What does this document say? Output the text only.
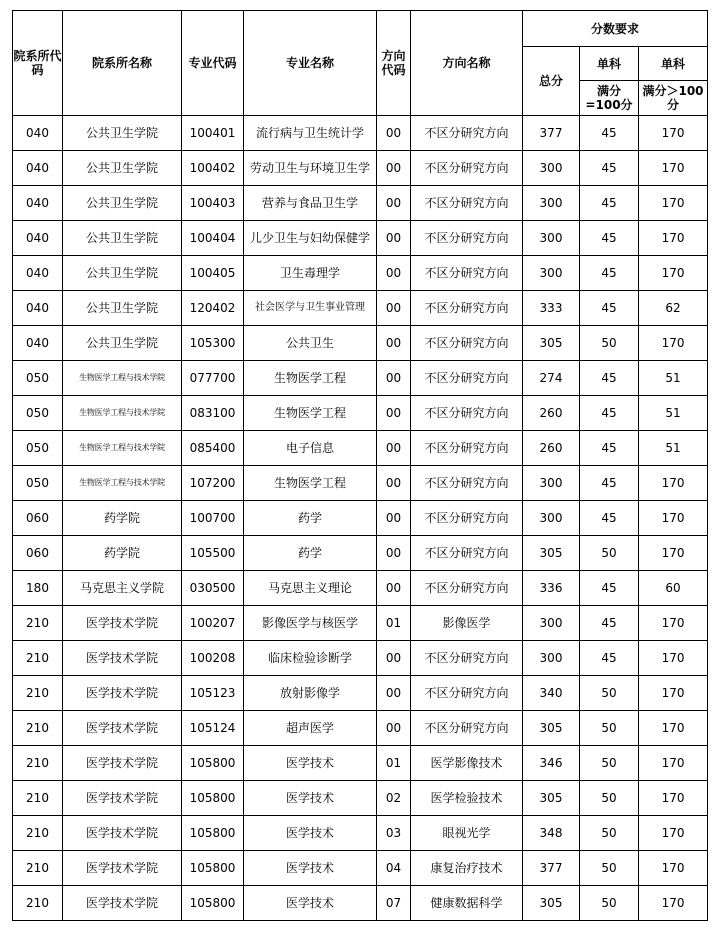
院系所代码	院系所名称	专业代码	专业名称	方向代码	方向名称	分数要求		
						总分	单科	单科
							满分=100分	满分＞100分
040	公共卫生学院	100401	流行病与卫生统计学	00	不区分研究方向	377	45	170
040	公共卫生学院	100402	劳动卫生与环境卫生学	00	不区分研究方向	300	45	170
040	公共卫生学院	100403	营养与食品卫生学	00	不区分研究方向	300	45	170
040	公共卫生学院	100404	儿少卫生与妇幼保健学	00	不区分研究方向	300	45	170
040	公共卫生学院	100405	卫生毒理学	00	不区分研究方向	300	45	170
040	公共卫生学院	120402	社会医学与卫生事业管理	00	不区分研究方向	333	45	62
040	公共卫生学院	105300	公共卫生	00	不区分研究方向	305	50	170
050	生物医学工程与技术学院	077700	生物医学工程	00	不区分研究方向	274	45	51
050	生物医学工程与技术学院	083100	生物医学工程	00	不区分研究方向	260	45	51
050	生物医学工程与技术学院	085400	电子信息	00	不区分研究方向	260	45	51
050	生物医学工程与技术学院	107200	生物医学工程	00	不区分研究方向	300	45	170
060	药学院	100700	药学	00	不区分研究方向	300	45	170
060	药学院	105500	药学	00	不区分研究方向	305	50	170
180	马克思主义学院	030500	马克思主义理论	00	不区分研究方向	336	45	60
210	医学技术学院	100207	影像医学与核医学	01	影像医学	300	45	170
210	医学技术学院	100208	临床检验诊断学	00	不区分研究方向	300	45	170
210	医学技术学院	105123	放射影像学	00	不区分研究方向	340	50	170
210	医学技术学院	105124	超声医学	00	不区分研究方向	305	50	170
210	医学技术学院	105800	医学技术	01	医学影像技术	346	50	170
210	医学技术学院	105800	医学技术	02	医学检验技术	305	50	170
210	医学技术学院	105800	医学技术	03	眼视光学	348	50	170
210	医学技术学院	105800	医学技术	04	康复治疗技术	377	50	170
210	医学技术学院	105800	医学技术	07	健康数据科学	305	50	170
